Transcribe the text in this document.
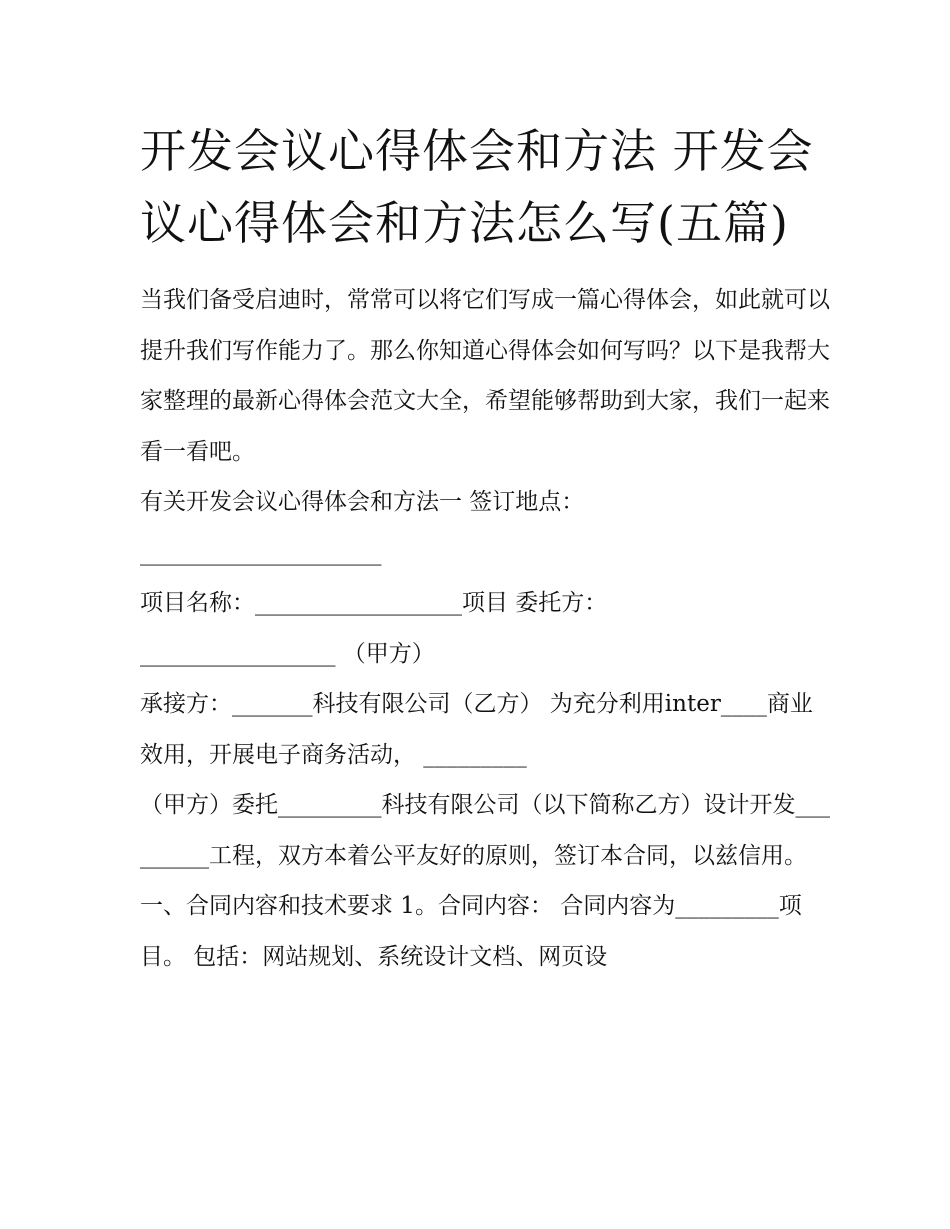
开发会议心得体会和方法 开发会议心得体会和方法怎么写(五篇)

当我们备受启迪时，常常可以将它们写成一篇心得体会，如此就可以提升我们写作能力了。那么你知道心得体会如何写吗？以下是我帮大家整理的最新心得体会范文大全，希望能够帮助到大家，我们一起来看一看吧。

有关开发会议心得体会和方法一 签订地点：

_____________________

项目名称：__________________项目 委托方：

_________________ （甲方）

承接方：_______科技有限公司（乙方） 为充分利用inter____商业效用，开展电子商务活动， _________

（甲方）委托_________科技有限公司（以下简称乙方）设计开发_________工程，双方本着公平友好的原则，签订本合同，以兹信用。

一、合同内容和技术要求 1。合同内容： 合同内容为_________项目。 包括：网站规划、系统设计文档、网页设
